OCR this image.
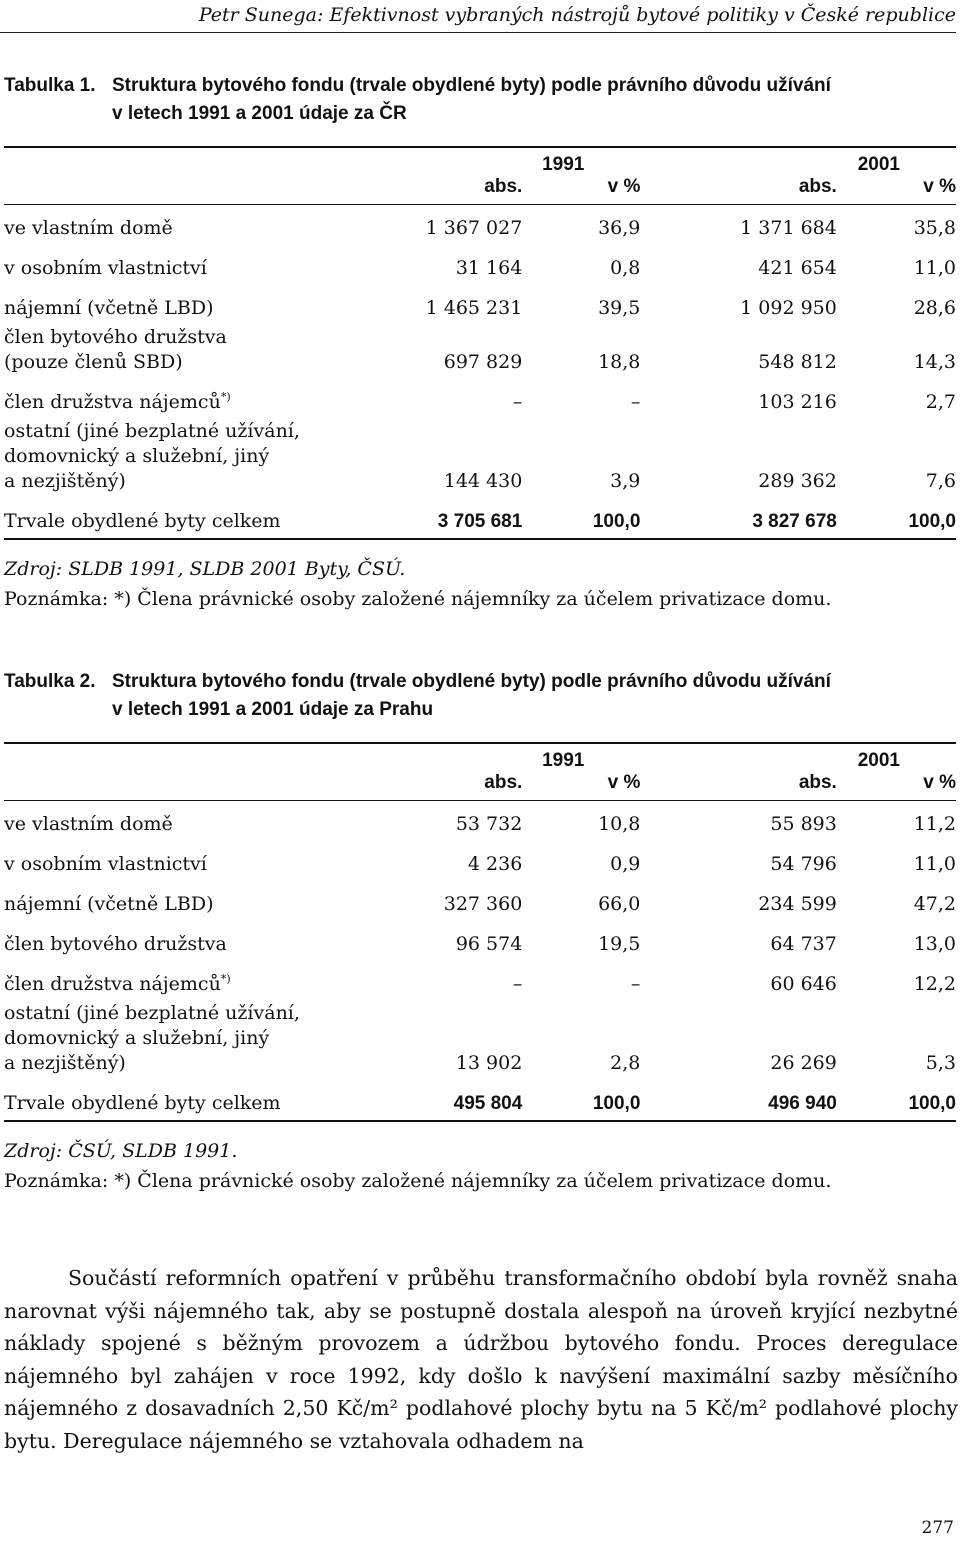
Petr Sunega: Efektivnost vybraných nástrojů bytové politiky v České republice
Tabulka 1. Struktura bytového fondu (trvale obydlené byty) podle právního důvodu užívání
v letech 1991 a 2001 údaje za ČR
	1991		2001	
	abs.	v %	abs.	v %
ve vlastním domě	1 367 027	36,9	1 371 684	35,8
v osobním vlastnictví	31 164	0,8	421 654	11,0
nájemní (včetně LBD)	1 465 231	39,5	1 092 950	28,6
člen bytového družstva
(pouze členů SBD)	697 829	18,8	548 812	14,3
člen družstva nájemců*)	–	–	103 216	2,7
ostatní (jiné bezplatné užívání,
domovnický a služební, jiný
a nezjištěný)	144 430	3,9	289 362	7,6
Trvale obydlené byty celkem	3 705 681	100,0	3 827 678	100,0
Zdroj: SLDB 1991, SLDB 2001 Byty, ČSÚ.
Poznámka: *) Člena právnické osoby založené nájemníky za účelem privatizace domu.
Tabulka 2. Struktura bytového fondu (trvale obydlené byty) podle právního důvodu užívání
v letech 1991 a 2001 údaje za Prahu
	1991		2001	
	abs.	v %	abs.	v %
ve vlastním domě	53 732	10,8	55 893	11,2
v osobním vlastnictví	4 236	0,9	54 796	11,0
nájemní (včetně LBD)	327 360	66,0	234 599	47,2
člen bytového družstva	96 574	19,5	64 737	13,0
člen družstva nájemců*)	–	–	60 646	12,2
ostatní (jiné bezplatné užívání,
domovnický a služební, jiný
a nezjištěný)	13 902	2,8	26 269	5,3
Trvale obydlené byty celkem	495 804	100,0	496 940	100,0
Zdroj: ČSÚ, SLDB 1991.
Poznámka: *) Člena právnické osoby založené nájemníky za účelem privatizace domu.
Součástí reformních opatření v průběhu transformačního období byla rovněž snaha narovnat výši nájemného tak, aby se postupně dostala alespoň na úroveň kryjící nezbytné náklady spojené s běžným provozem a údržbou bytového fondu. Proces deregulace nájemného byl zahájen v roce 1992, kdy došlo k navýšení maximální sazby měsíčního nájemného z dosavadních 2,50 Kč/m² podlahové plochy bytu na 5 Kč/m² podlahové plochy bytu. Deregulace nájemného se vztahovala odhadem na
277
